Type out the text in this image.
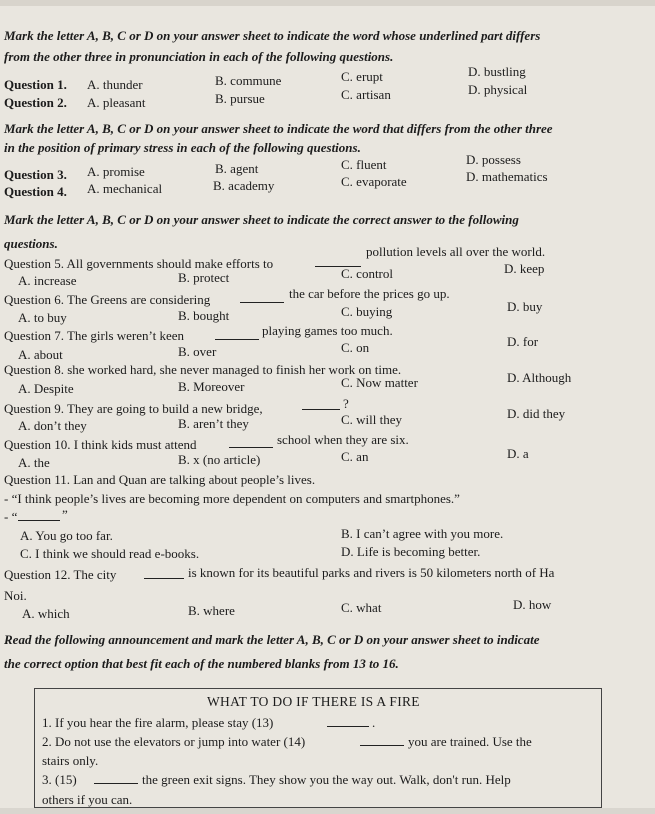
Mark the letter A, B, C or D on your answer sheet to indicate the word whose underlined part differs
from the other three in pronunciation in each of the following questions.
Question 1. A. thunder	B. commune	C. erupt	D. bustling
Question 2. A. pleasant	B. pursue	C. artisan	D. physical
Mark the letter A, B, C or D on your answer sheet to indicate the word that differs from the other three
in the position of primary stress in each of the following questions.
Question 3. A. promise	B. agent	C. fluent	D. possess
Question 4. A. mechanical	B. academy	C. evaporate	D. mathematics
Mark the letter A, B, C or D on your answer sheet to indicate the correct answer to the following
questions.
Question 5. All governments should make efforts to
pollution levels all over the world.
A. increase	B. protect	C. control	D. keep
Question 6. The Greens are considering	the car before the prices go up.
A. to buy	B. bought	C. buying	D. buy
Question 7. The girls weren’t keen	playing games too much.
A. about	B. over	C. on	D. for
Question 8. she worked hard, she never managed to finish her work on time.
A. Despite	B. Moreover	C. Now matter	D. Although
Question 9. They are going to build a new bridge,	?
A. don’t they	B. aren’t they	C. will they	D. did they
Question 10. I think kids must attend	school when they are six.
A. the	B. x (no article)	C. an	D. a
Question 11. Lan and Quan are talking about people’s lives.
- “I think people’s lives are becoming more dependent on computers and smartphones.”
- “	”
A. You go too far.	B. I can’t agree with you more.
C. I think we should read e-books.	D. Life is becoming better.
Question 12. The city	is known for its beautiful parks and rivers is 50 kilometers north of Ha
Noi.
A. which	B. where	C. what	D. how
Read the following announcement and mark the letter A, B, C or D on your answer sheet to indicate
the correct option that best fit each of the numbered blanks from 13 to 16.
WHAT TO DO IF THERE IS A FIRE
1. If you hear the fire alarm, please stay (13)	.
2. Do not use the elevators or jump into water (14)	you are trained. Use the
stairs only.
3. (15)	the green exit signs. They show you the way out. Walk, don't run. Help
others if you can.
